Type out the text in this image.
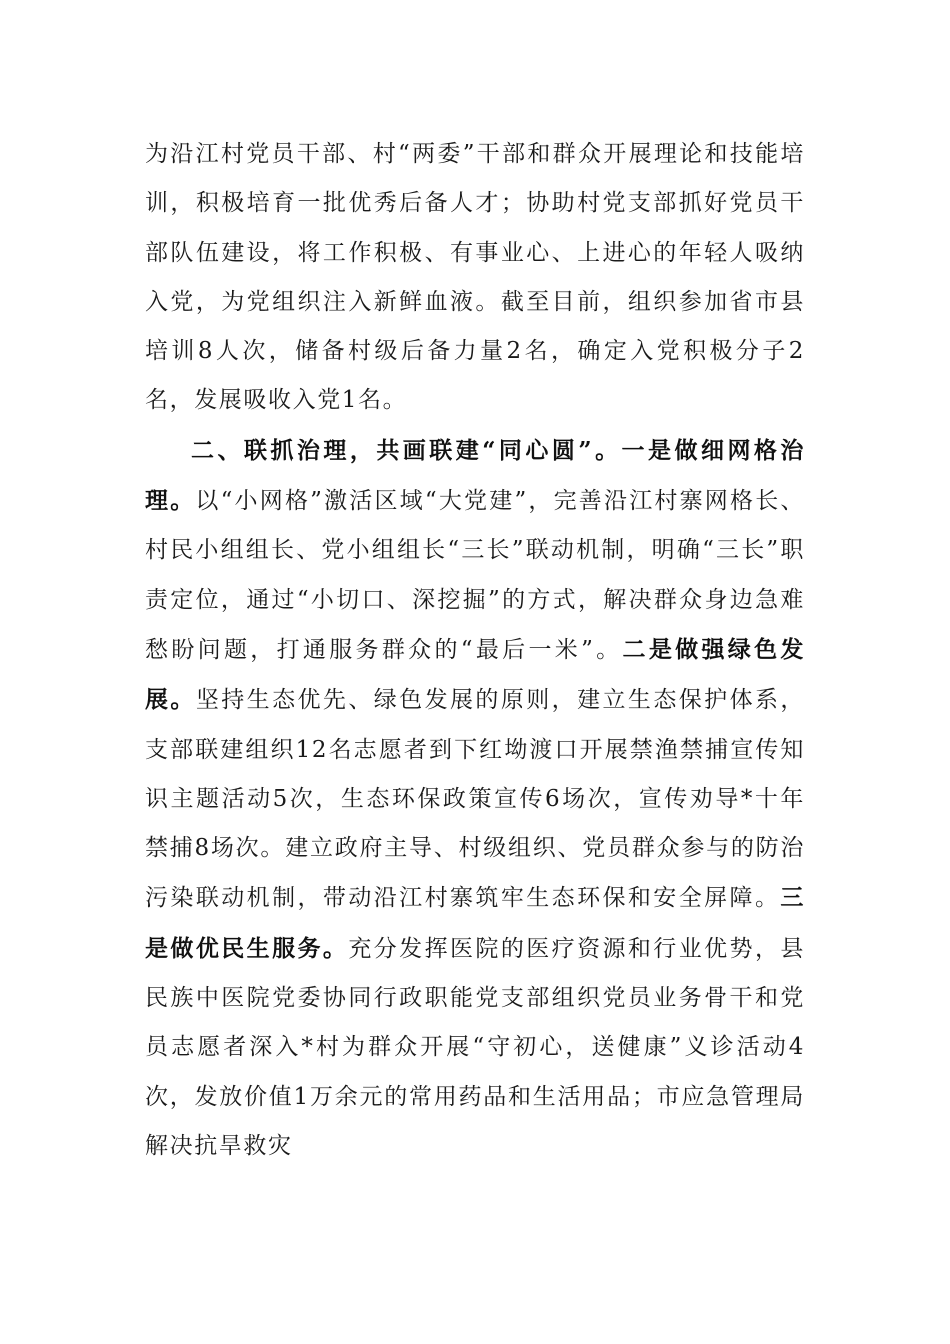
为沿江村党员干部、村“两委”干部和群众开展理论和技能培训，积极培育一批优秀后备人才；协助村党支部抓好党员干部队伍建设，将工作积极、有事业心、上进心的年轻人吸纳入党，为党组织注入新鲜血液。截至目前，组织参加省市县培训8人次，储备村级后备力量2名，确定入党积极分子2名，发展吸收入党1名。

二、联抓治理，共画联建“同心圆”。一是做细网格治理。以“小网格”激活区域“大党建”，完善沿江村寨网格长、村民小组组长、党小组组长“三长”联动机制，明确“三长”职责定位，通过“小切口、深挖掘”的方式，解决群众身边急难愁盼问题，打通服务群众的“最后一米”。二是做强绿色发展。坚持生态优先、绿色发展的原则，建立生态保护体系，支部联建组织12名志愿者到下红坳渡口开展禁渔禁捕宣传知识主题活动5次，生态环保政策宣传6场次，宣传劝导*十年禁捕8场次。建立政府主导、村级组织、党员群众参与的防治污染联动机制，带动沿江村寨筑牢生态环保和安全屏障。三是做优民生服务。充分发挥医院的医疗资源和行业优势，县民族中医院党委协同行政职能党支部组织党员业务骨干和党员志愿者深入*村为群众开展“守初心，送健康”义诊活动4次，发放价值1万余元的常用药品和生活用品；市应急管理局解决抗旱救灾
